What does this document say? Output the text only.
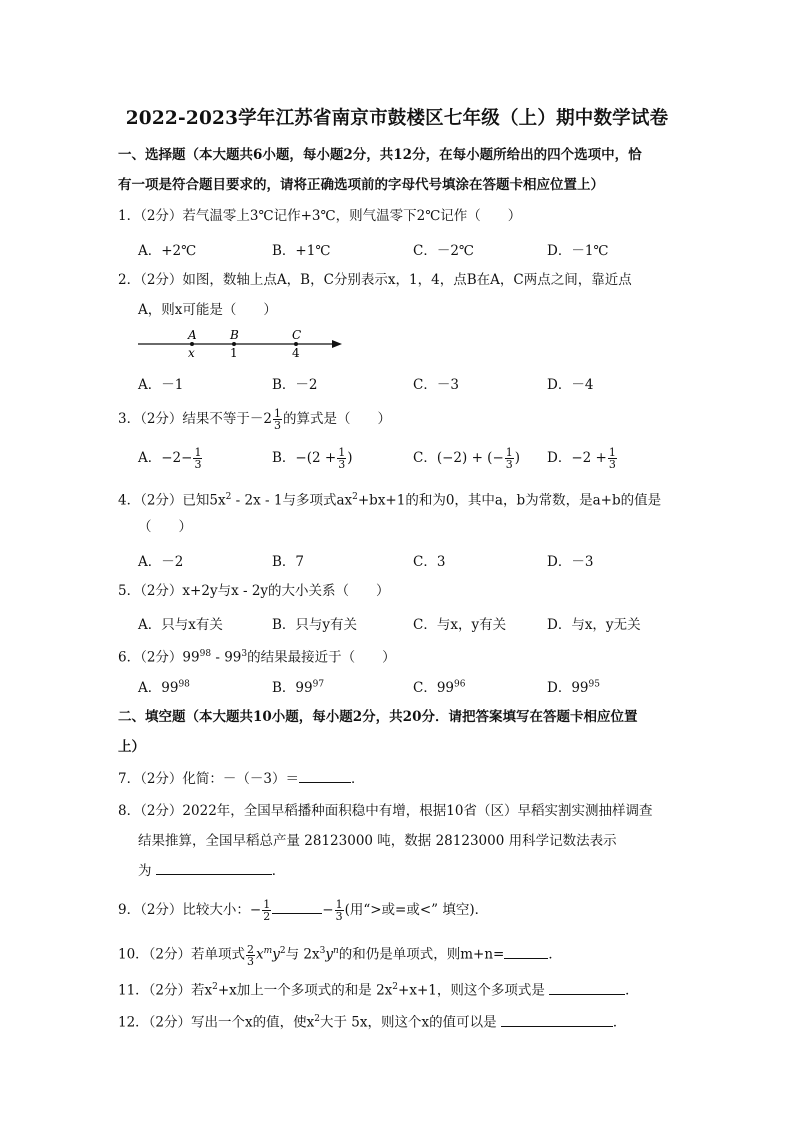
2022-2023学年江苏省南京市鼓楼区七年级（上）期中数学试卷
一、选择题（本大题共6小题，每小题2分，共12分，在每小题所给出的四个选项中，恰
有一项是符合题目要求的，请将正确选项前的字母代号填涂在答题卡相应位置上）
1．（2分）若气温零上3℃记作+3℃，则气温零下2℃记作（　　）
A．+2℃	B．+1℃	C．－2℃	D．－1℃
2．（2分）如图，数轴上点A，B，C分别表示x，1，4，点B在A，C两点之间，靠近点
A，则x可能是（　　）
A	B	C
x	1	4
A．－1	B．－2	C．－3	D．－4
3．（2分）结果不等于$-2 \frac{1}{3}$ 的算式是（　　）
A．$-2- \frac{1}{3}$	B．$-(2 + \frac{1}{3}$ )	C．(−2) + (− $\frac{1}{3}$ ) D．$-2 + \frac{1}{3}$
4．（2分）已知$5x^2 - 2x - 1$与多项式$ax^2+bx+1$的和为0，其中a，b为常数，是a+b的值是
（　　）
A．－2	B．7	C．3	D．－3
5．（2分）x+2y与x - 2y的大小关系（　　）
A．只与x有关	B．只与y有关	C．与x，y有关	D．与x，y无关
6．（2分）$99^{98} - 99^3$的结果最接近于（　　）
A．$99^{98}$	B．$99^{97}$	C．$99^{96}$	D．$99^{95}$
二、填空题（本大题共10小题，每小题2分，共20分．请把答案填写在答题卡相应位置
上）
7．（2分）化简：－（－3）＝	．
8．（2分）2022年，全国早稻播种面积稳中有增，根据10省（区）早稻实割实测抽样调查
结果推算，全国早稻总产量 28123000 吨，数据 28123000 用科学记数法表示
为	．
9．（2分）比较大小：− $\frac{1}{2}$	− $\frac{1}{3}$ (用“>或=或<” 填空)．
10．（2分）若单项式 $\frac{2}{3} x^my^2$与 $2x^3y^n$的和仍是单项式，则m+n=	．
11．（2分）若$x^2+x$加上一个多项式的和是 $2x^2+x+1$，则这个多项式是	．
12．（2分）写出一个x的值，使$x^2$大于 5x，则这个x的值可以是	．
